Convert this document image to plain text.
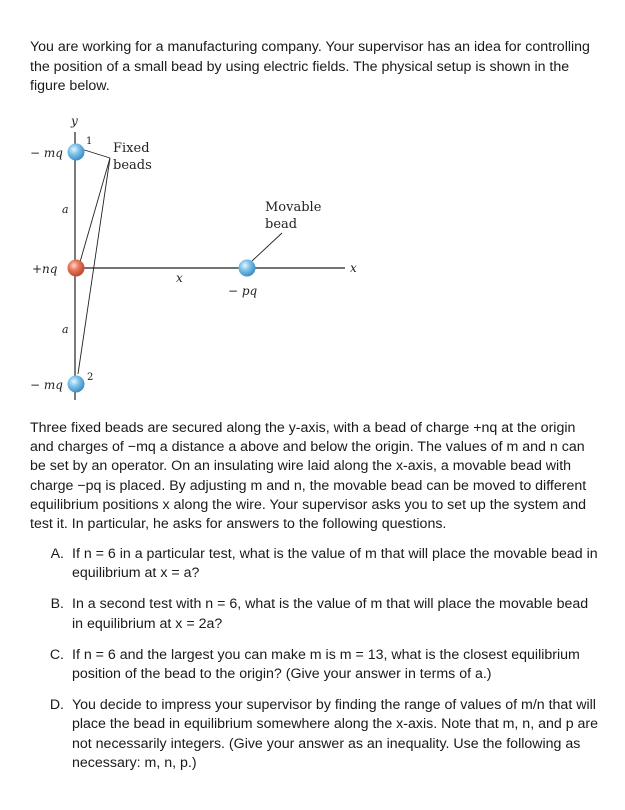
You are working for a manufacturing company. Your supervisor has an idea for controlling the position of a small bead by using electric fields. The physical setup is shown in the figure below.

y
x
x
− mq
+nq
− mq
− pq
a
a
1
2
Fixed
beads
Movable
bead

Three fixed beads are secured along the y-axis, with a bead of charge +nq at the origin and charges of −mq a distance a above and below the origin. The values of m and n can be set by an operator. On an insulating wire laid along the x-axis, a movable bead with charge −pq is placed. By adjusting m and n, the movable bead can be moved to different equilibrium positions x along the wire. Your supervisor asks you to set up the system and test it. In particular, he asks for answers to the following questions.

A. If n = 6 in a particular test, what is the value of m that will place the movable bead in equilibrium at x = a?
B. In a second test with n = 6, what is the value of m that will place the movable bead in equilibrium at x = 2a?
C. If n = 6 and the largest you can make m is m = 13, what is the closest equilibrium position of the bead to the origin? (Give your answer in terms of a.)
D. You decide to impress your supervisor by finding the range of values of m/n that will place the bead in equilibrium somewhere along the x-axis. Note that m, n, and p are not necessarily integers. (Give your answer as an inequality. Use the following as necessary: m, n, p.)
